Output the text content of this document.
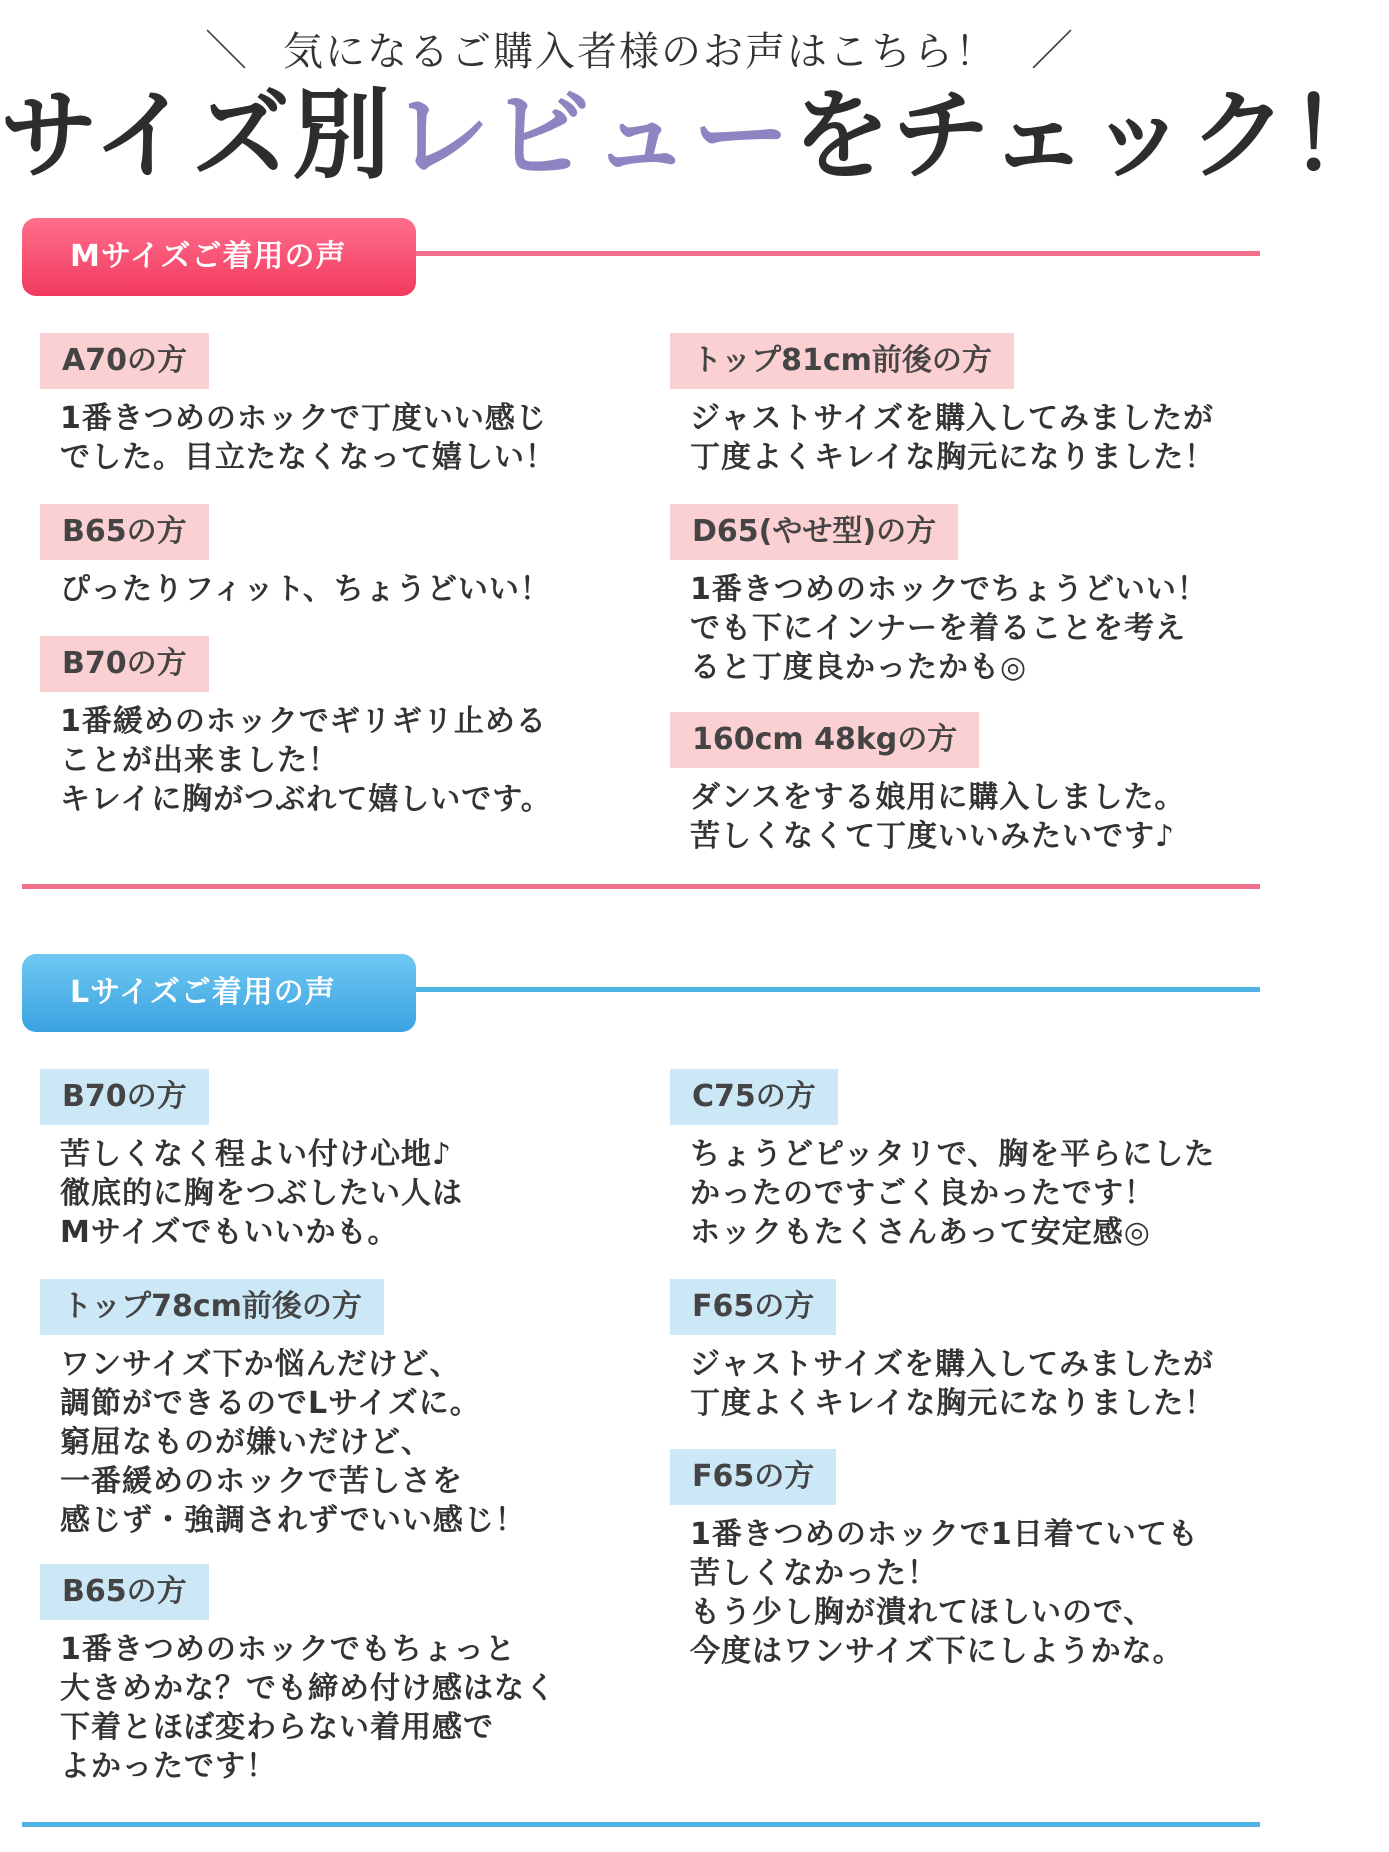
＼ 気になるご購入者様のお声はこちら！ ／
サイズ別レビューをチェック！
Mサイズご着用の声
A70の方
1番きつめのホックで丁度いい感じ
でした。目立たなくなって嬉しい！
B65の方
ぴったりフィット、ちょうどいい！
B70の方
1番緩めのホックでギリギリ止める
ことが出来ました！
キレイに胸がつぶれて嬉しいです。
トップ81cm前後の方
ジャストサイズを購入してみましたが
丁度よくキレイな胸元になりました！
D65(やせ型)の方
1番きつめのホックでちょうどいい！
でも下にインナーを着ることを考え
ると丁度良かったかも◎
160cm 48kgの方
ダンスをする娘用に購入しました。
苦しくなくて丁度いいみたいです♪
Lサイズご着用の声
B70の方
苦しくなく程よい付け心地♪
徹底的に胸をつぶしたい人は
Mサイズでもいいかも。
トップ78cm前後の方
ワンサイズ下か悩んだけど、
調節ができるのでLサイズに。
窮屈なものが嫌いだけど、
一番緩めのホックで苦しさを
感じず・強調されずでいい感じ！
B65の方
1番きつめのホックでもちょっと
大きめかな？でも締め付け感はなく
下着とほぼ変わらない着用感で
よかったです！
C75の方
ちょうどピッタリで、胸を平らにした
かったのですごく良かったです！
ホックもたくさんあって安定感◎
F65の方
ジャストサイズを購入してみましたが
丁度よくキレイな胸元になりました！
F65の方
1番きつめのホックで1日着ていても
苦しくなかった！
もう少し胸が潰れてほしいので、
今度はワンサイズ下にしようかな。
